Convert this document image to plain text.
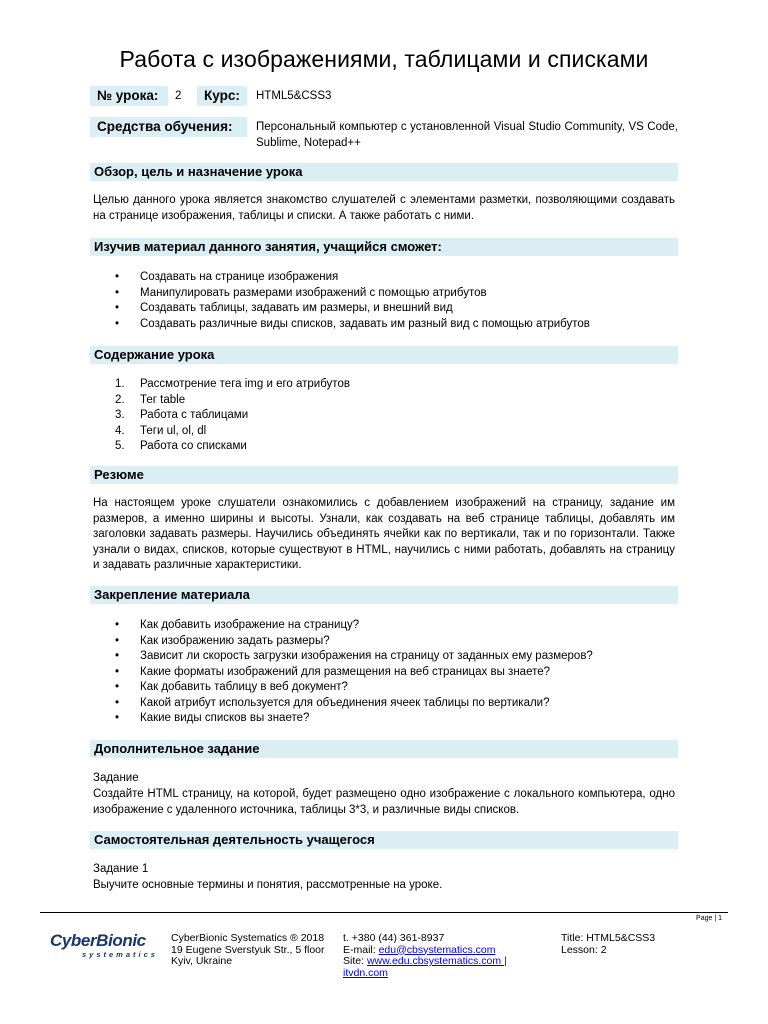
Работа с изображениями, таблицами и списками
№ урока:	2	Курс:	HTML5&CSS3
Средства обучения:	Персональный компьютер с установленной Visual Studio Community, VS Code, Sublime, Notepad++
Обзор, цель и назначение урока

Целью данного урока является знакомство слушателей с элементами разметки, позволяющими создавать на странице изображения, таблицы и списки. А также работать с ними.

Изучив материал данного занятия, учащийся сможет:
•	Создавать на странице изображения
•	Манипулировать размерами изображений с помощью атрибутов
•	Создавать таблицы, задавать им размеры, и внешний вид
•	Создавать различные виды списков, задавать им разный вид с помощью атрибутов
Содержание урока
1.	Рассмотрение тега img и его атрибутов
2.	Тег table
3.	Работа с таблицами
4.	Теги ul, ol, dl
5.	Работа со списками
Резюме

На настоящем уроке слушатели ознакомились с добавлением изображений на страницу, задание им размеров, а именно ширины и высоты. Узнали, как создавать на веб странице таблицы, добавлять им заголовки задавать размеры. Научились объединять ячейки как по вертикали, так и по горизонтали. Также узнали о видах, списков, которые существуют в HTML, научились с ними работать, добавлять на страницу и задавать различные характеристики.

Закрепление материала
•	Как добавить изображение на страницу?
•	Как изображению задать размеры?
•	Зависит ли скорость загрузки изображения на страницу от заданных ему размеров?
•	Какие форматы изображений для размещения на веб страницах вы знаете?
•	Как добавить таблицу в веб документ?
•	Какой атрибут используется для объединения ячеек таблицы по вертикали?
•	Какие виды списков вы знаете?
Дополнительное задание

Задание

Создайте HTML страницу, на которой, будет размещено одно изображение с локального компьютера, одно изображение с удаленного источника, таблицы 3*3, и различные виды списков.

Самостоятельная деятельность учащегося

Задание 1

Выучите основные термины и понятия, рассмотренные на уроке.

Page | 1
CyberBionic
systematics
CyberBionic Systematics ® 2018
19 Eugene Sverstyuk Str., 5 floor
Kyiv, Ukraine
t. +380 (44) 361-8937
E-mail: edu@cbsystematics.com
Site: www.edu.cbsystematics.com |
itvdn.com
Title: HTML5&CSS3
Lesson: 2
